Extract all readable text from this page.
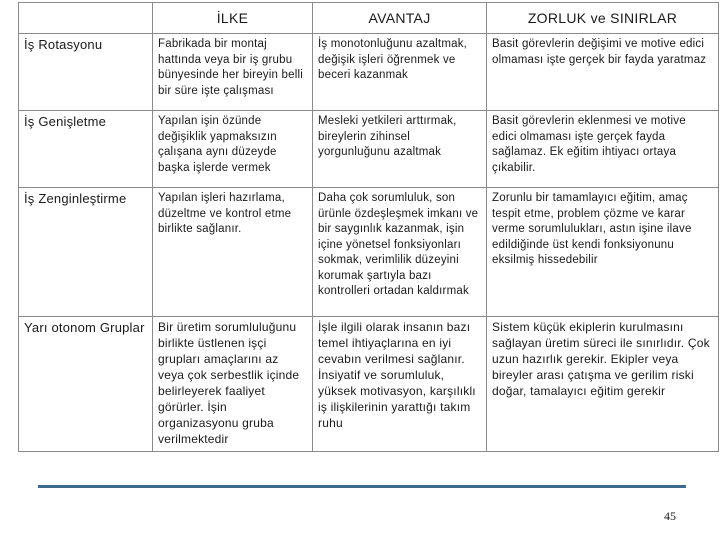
	İLKE	AVANTAJ	ZORLUK ve SINIRLAR
İş Rotasyonu	Fabrikada bir montaj hattında veya bir iş grubu bünyesinde her bireyin belli bir süre işte çalışması	İş monotonluğunu azaltmak, değişik işleri öğrenmek ve beceri kazanmak	Basit görevlerin değişimi ve motive edici olmaması işte gerçek bir fayda yaratmaz
İş Genişletme	Yapılan işin özünde değişiklik yapmaksızın çalışana aynı düzeyde başka işlerde vermek	Mesleki yetkileri arttırmak, bireylerin zihinsel yorgunluğunu azaltmak	Basit görevlerin eklenmesi ve motive edici olmaması işte gerçek fayda sağlamaz. Ek eğitim ihtiyacı ortaya çıkabilir.
İş Zenginleştirme	Yapılan işleri hazırlama, düzeltme ve kontrol etme birlikte sağlanır.	Daha çok sorumluluk, son ürünle özdeşleşmek imkanı ve bir saygınlık kazanmak, işin içine yönetsel fonksiyonları sokmak, verimlilik düzeyini korumak şartıyla bazı kontrolleri ortadan kaldırmak	Zorunlu bir tamamlayıcı eğitim, amaç tespit etme, problem çözme ve karar verme sorumlulukları, astın işine ilave edildiğinde üst kendi fonksiyonunu eksilmiş hissedebilir
Yarı otonom Gruplar	Bir üretim sorumluluğunu birlikte üstlenen işçi grupları amaçlarını az veya çok serbestlik içinde belirleyerek faaliyet görürler. İşin organizasyonu gruba verilmektedir	İşle ilgili olarak insanın bazı temel ihtiyaçlarına en iyi cevabın verilmesi sağlanır. İnsiyatif ve sorumluluk, yüksek motivasyon, karşılıklı iş ilişkilerinin yarattığı takım ruhu	Sistem küçük ekiplerin kurulmasını sağlayan üretim süreci ile sınırlıdır. Çok uzun hazırlık gerekir. Ekipler veya bireyler arası çatışma ve gerilim riski doğar, tamalayıcı eğitim gerekir
45
